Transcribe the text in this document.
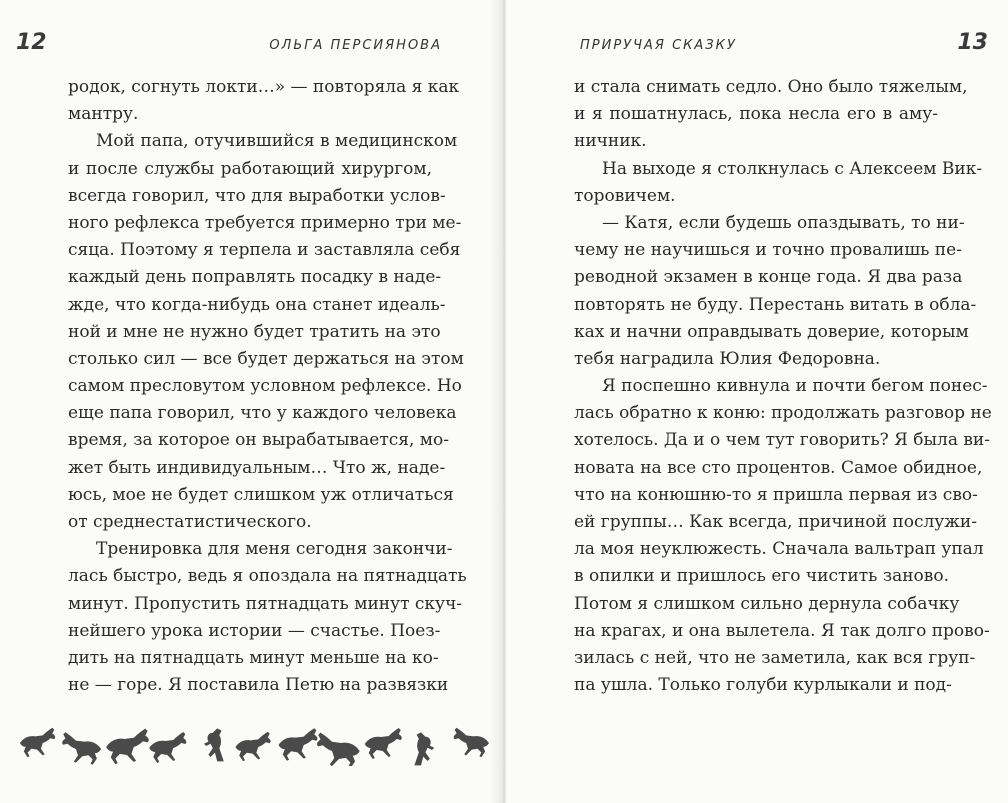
12	ОЛЬГА ПЕРСИЯНОВА
родок, согнуть локти…» — повторяла я как
мантру.
Мой папа, отучившийся в медицинском
и после службы работающий хирургом,
всегда говорил, что для выработки услов-
ного рефлекса требуется примерно три ме-
сяца. Поэтому я терпела и заставляла себя
каждый день поправлять посадку в наде-
жде, что когда-нибудь она станет идеаль-
ной и мне не нужно будет тратить на это
столько сил — все будет держаться на этом
самом пресловутом условном рефлексе. Но
еще папа говорил, что у каждого человека
время, за которое он вырабатывается, мо-
жет быть индивидуальным… Что ж, наде-
юсь, мое не будет слишком уж отличаться
от среднестатистического.
Тренировка для меня сегодня закончи-
лась быстро, ведь я опоздала на пятнадцать
минут. Пропустить пятнадцать минут скуч-
нейшего урока истории — счастье. Поез-
дить на пятнадцать минут меньше на ко-
не — горе. Я поставила Петю на развязки
13
ПРИРУЧАЯ СКАЗКУ
и стала снимать седло. Оно было тяжелым,
и я пошатнулась, пока несла его в аму-
ничник.
На выходе я столкнулась с Алексеем Вик-
торовичем.
— Катя, если будешь опаздывать, то ни-
чему не научишься и точно провалишь пе-
реводной экзамен в конце года. Я два раза
повторять не буду. Перестань витать в обла-
ках и начни оправдывать доверие, которым
тебя наградила Юлия Федоровна.
Я поспешно кивнула и почти бегом понес-
лась обратно к коню: продолжать разговор не
хотелось. Да и о чем тут говорить? Я была ви-
новата на все сто процентов. Самое обидное,
что на конюшню-то я пришла первая из сво-
ей группы… Как всегда, причиной послужи-
ла моя неуклюжесть. Сначала вальтрап упал
в опилки и пришлось его чистить заново.
Потом я слишком сильно дернула собачку
на крагах, и она вылетела. Я так долго прово-
зилась с ней, что не заметила, как вся груп-
па ушла. Только голуби курлыкали и под-
